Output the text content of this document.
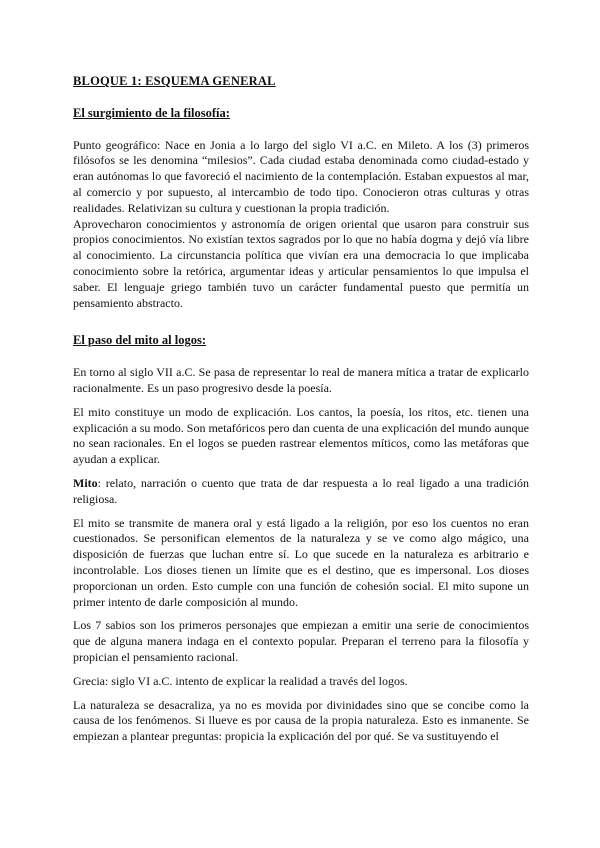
BLOQUE 1: ESQUEMA GENERAL
El surgimiento de la filosofía:

Punto geográfico: Nace en Jonia a lo largo del siglo VI a.C. en Mileto. A los (3) primeros filósofos se les denomina “milesios”. Cada ciudad estaba denominada como ciudad-estado y eran autónomas lo que favoreció el nacimiento de la contemplación. Estaban expuestos al mar, al comercio y por supuesto, al intercambio de todo tipo. Conocieron otras culturas y otras realidades. Relativizan su cultura y cuestionan la propia tradición.

Aprovecharon conocimientos y astronomía de origen oriental que usaron para construir sus propios conocimientos. No existían textos sagrados por lo que no había dogma y dejó vía libre al conocimiento. La circunstancia política que vivían era una democracia lo que implicaba conocimiento sobre la retórica, argumentar ideas y articular pensamientos lo que impulsa el saber. El lenguaje griego también tuvo un carácter fundamental puesto que permitía un pensamiento abstracto.

El paso del mito al logos:

En torno al siglo VII a.C. Se pasa de representar lo real de manera mítica a tratar de explicarlo racionalmente. Es un paso progresivo desde la poesía.

El mito constituye un modo de explicación. Los cantos, la poesía, los ritos, etc. tienen una explicación a su modo. Son metafóricos pero dan cuenta de una explicación del mundo aunque no sean racionales. En el logos se pueden rastrear elementos míticos, como las metáforas que ayudan a explicar.

Mito: relato, narración o cuento que trata de dar respuesta a lo real ligado a una tradición religiosa.

El mito se transmite de manera oral y está ligado a la religión, por eso los cuentos no eran cuestionados. Se personifican elementos de la naturaleza y se ve como algo mágico, una disposición de fuerzas que luchan entre sí. Lo que sucede en la naturaleza es arbitrario e incontrolable. Los dioses tienen un límite que es el destino, que es impersonal. Los dioses proporcionan un orden. Esto cumple con una función de cohesión social. El mito supone un primer intento de darle composición al mundo.

Los 7 sabios son los primeros personajes que empiezan a emitir una serie de conocimientos que de alguna manera indaga en el contexto popular. Preparan el terreno para la filosofía y propician el pensamiento racional.

Grecia: siglo VI a.C. intento de explicar la realidad a través del logos.

La naturaleza se desacraliza, ya no es movida por divinidades sino que se concibe como la causa de los fenómenos. Si llueve es por causa de la propia naturaleza. Esto es inmanente. Se empiezan a plantear preguntas: propicia la explicación del por qué. Se va sustituyendo el
